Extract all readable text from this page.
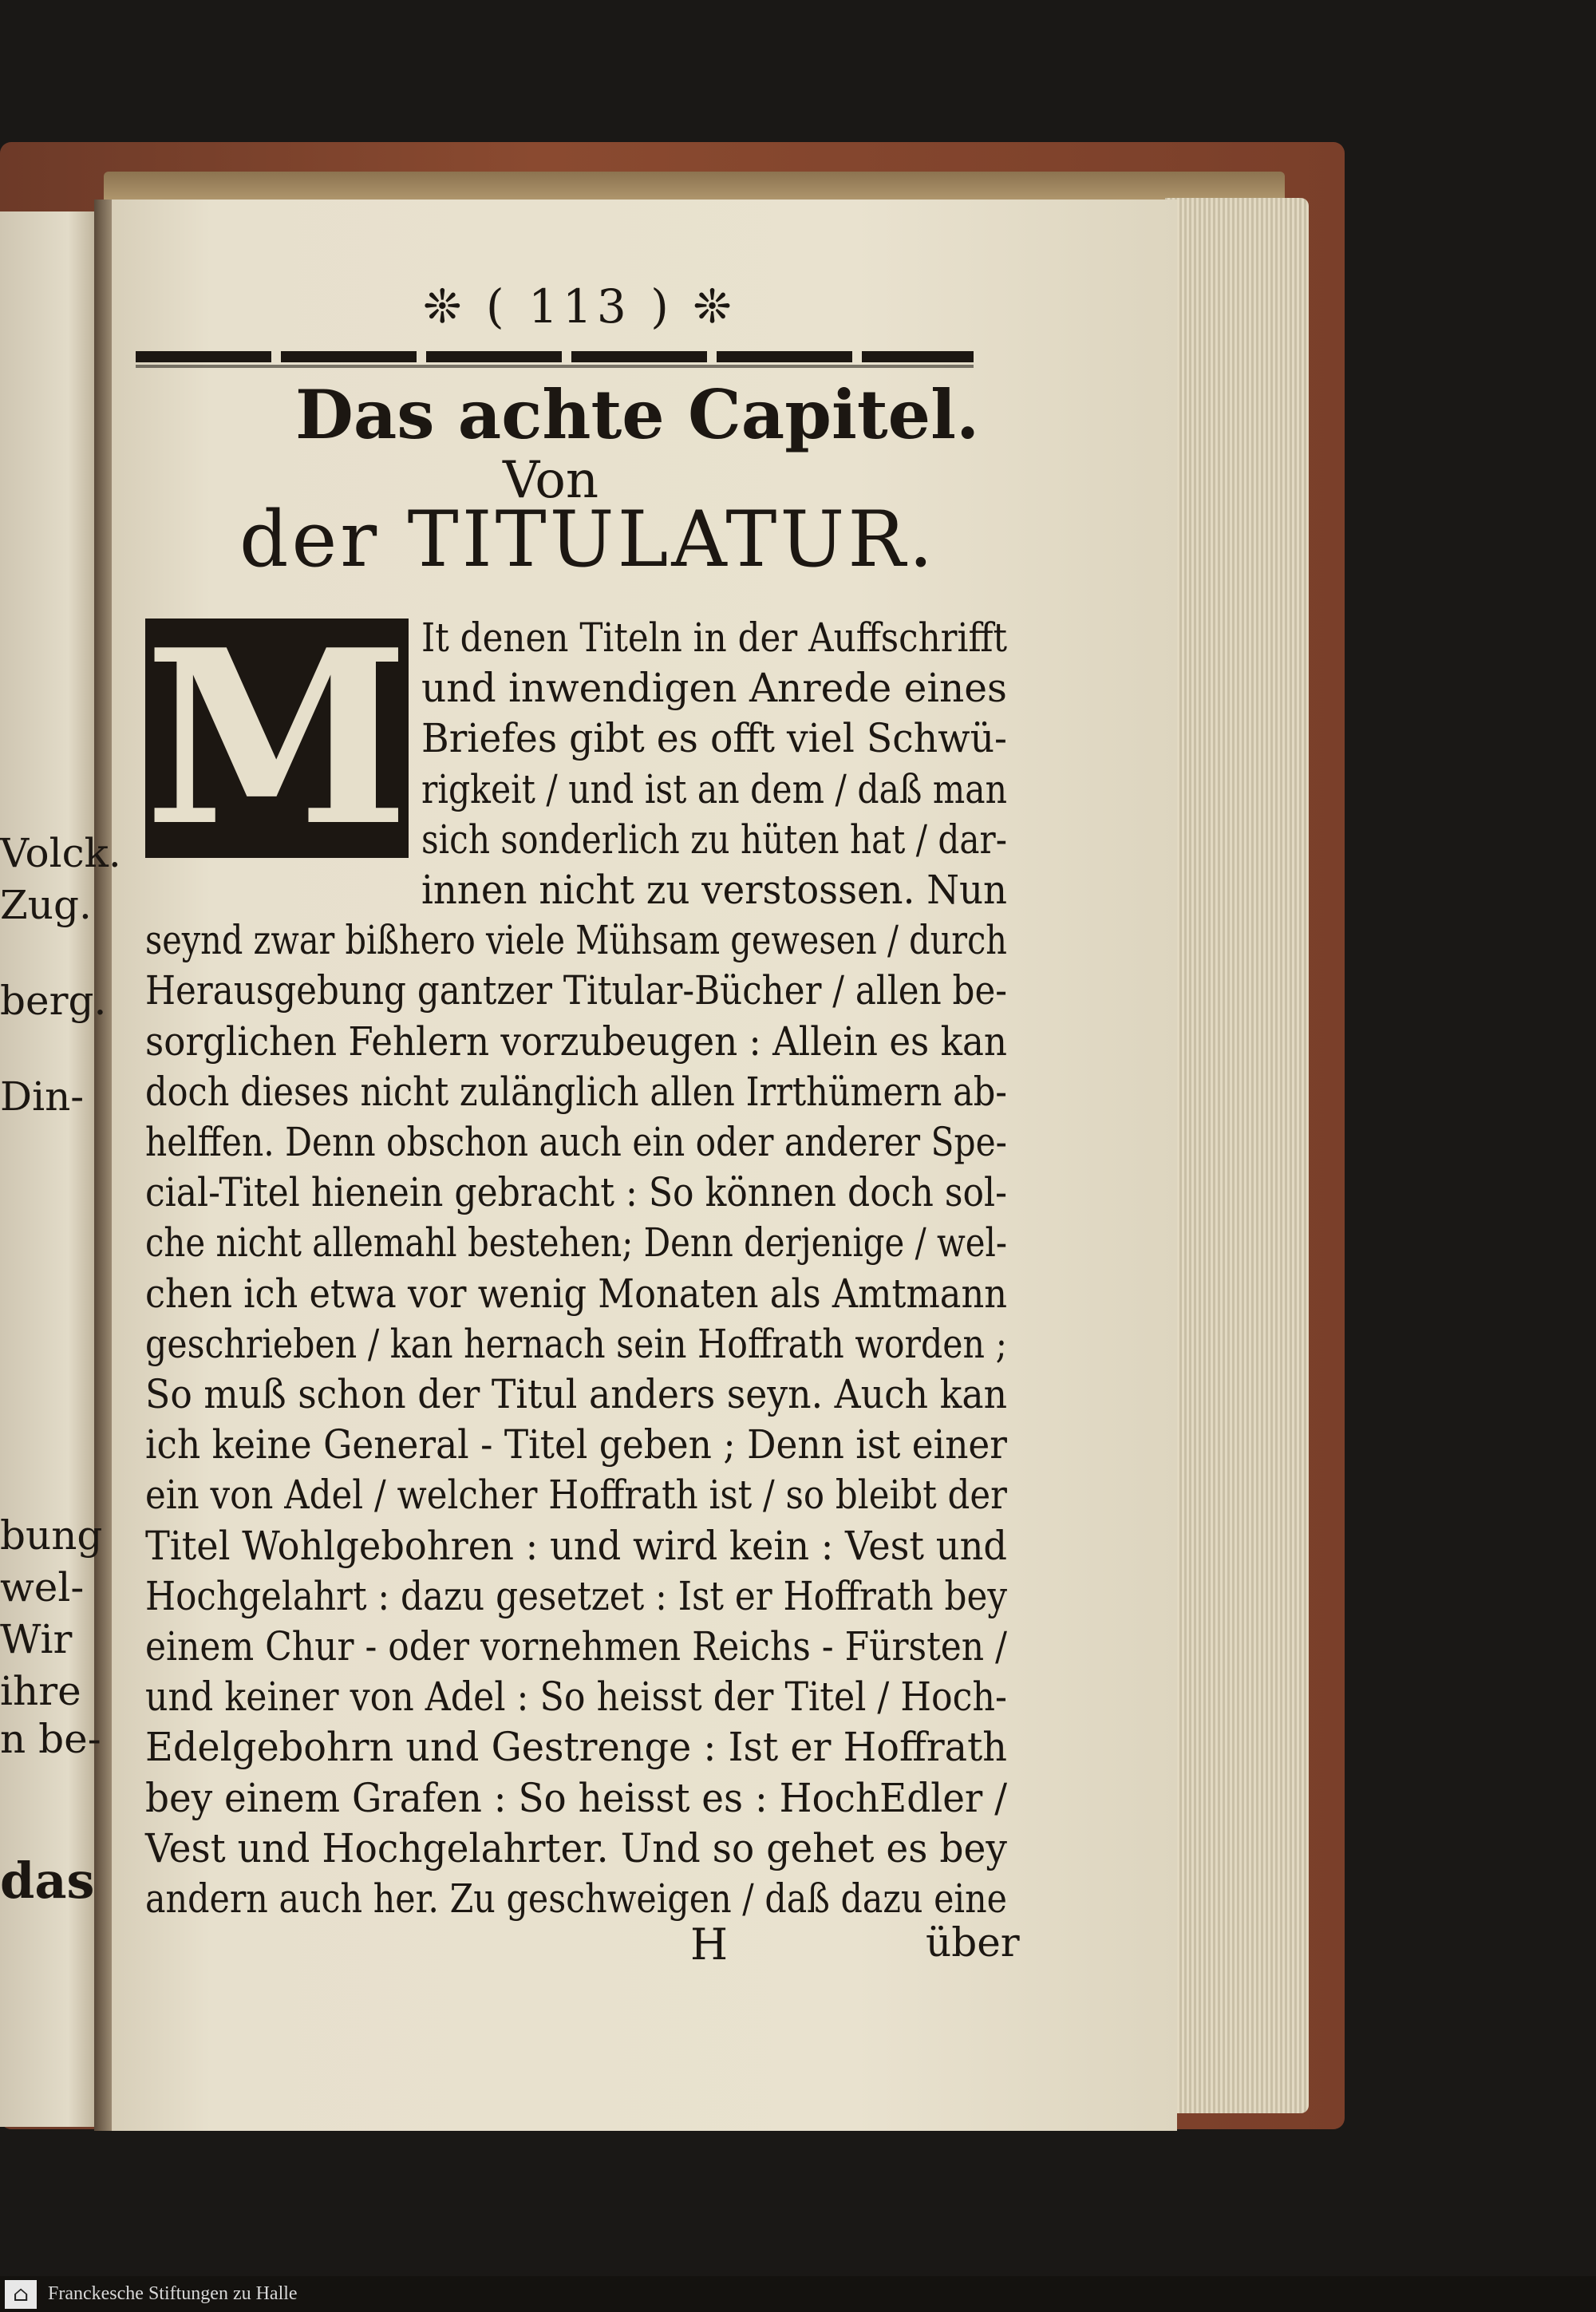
Volck.
Zug.
berg.
Din-
bung
wel-
Wir
ihre
n be-
das
❊ ( 113 ) ❊
Das achte Capitel.
Von
der TITULATUR.
M It denen Titeln in der Auffschrifft
und inwendigen Anrede eines
Briefes gibt es offt viel Schwü-
rigkeit / und ist an dem / daß man
sich sonderlich zu hüten hat / dar-
innen nicht zu verstossen. Nun
seynd zwar bißhero viele Mühsam gewesen / durch
Herausgebung gantzer Titular-Bücher / allen be-
sorglichen Fehlern vorzubeugen : Allein es kan
doch dieses nicht zulänglich allen Irrthümern ab-
helffen. Denn obschon auch ein oder anderer Spe-
cial-Titel hienein gebracht : So können doch sol-
che nicht allemahl bestehen; Denn derjenige / wel-
chen ich etwa vor wenig Monaten als Amtmann
geschrieben / kan hernach sein Hoffrath worden ;
So muß schon der Titul anders seyn. Auch kan
ich keine General - Titel geben ; Denn ist einer
ein von Adel / welcher Hoffrath ist / so bleibt der
Titel Wohlgebohren : und wird kein : Vest und
Hochgelahrt : dazu gesetzet : Ist er Hoffrath bey
einem Chur - oder vornehmen Reichs - Fürsten /
und keiner von Adel : So heisst der Titel / Hoch-
Edelgebohrn und Gestrenge : Ist er Hoffrath
bey einem Grafen : So heisst es : HochEdler /
Vest und Hochgelahrter. Und so gehet es bey
andern auch her. Zu geschweigen / daß dazu eine
H	über
⌂	Franckesche Stiftungen zu Halle
